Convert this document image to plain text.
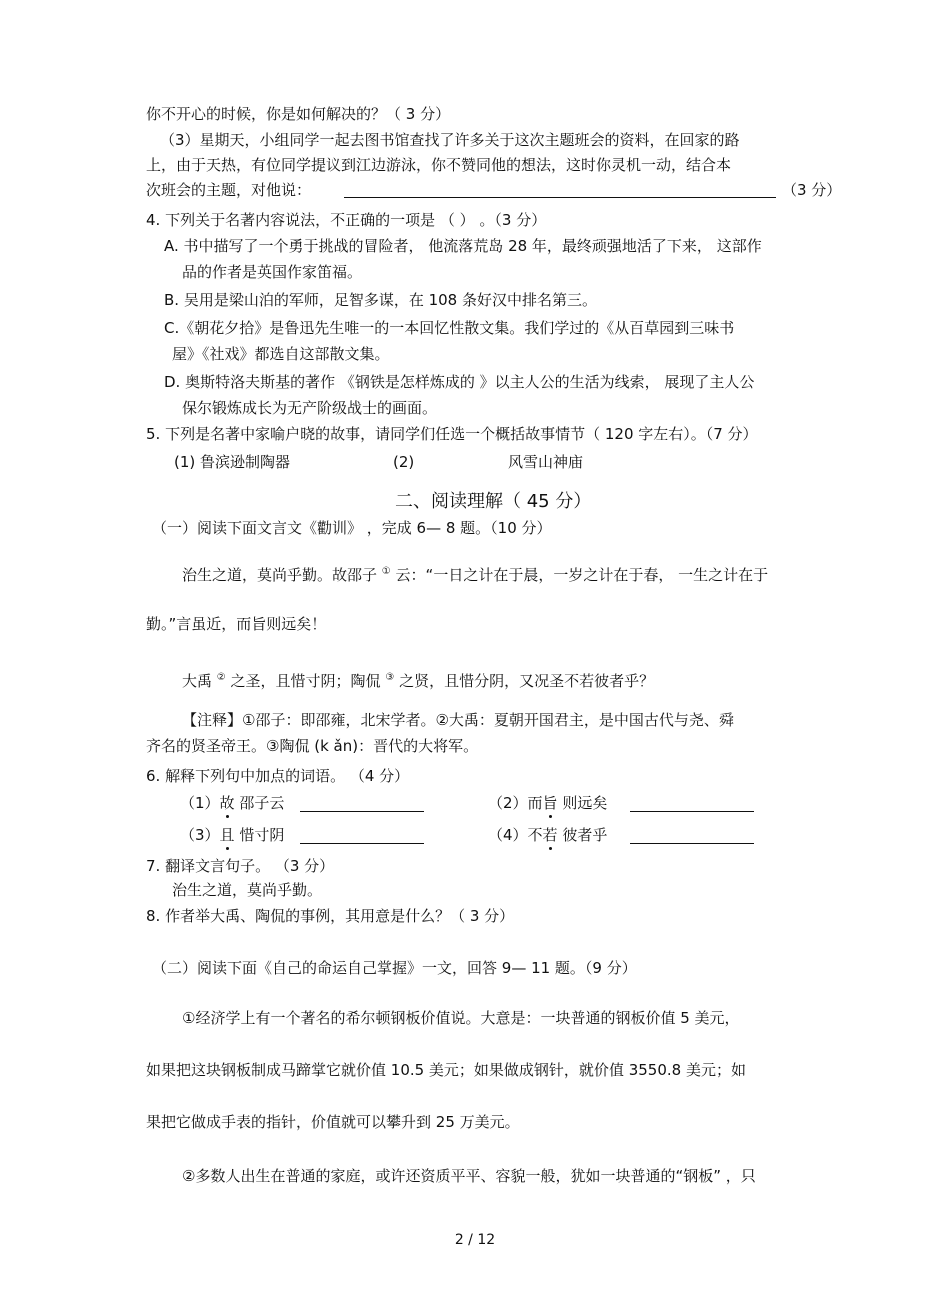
你不开心的时候，你是如何解决的？（ 3 分）
（3）星期天，小组同学一起去图书馆查找了许多关于这次主题班会的资料，在回家的路
上，由于天热，有位同学提议到江边游泳，你不赞同他的想法，这时你灵机一动，结合本
次班会的主题，对他说：	（3 分）
4. 下列关于名著内容说法，不正确的一项是 （ ） 。（3 分）
A. 书中描写了一个勇于挑战的冒险者， 他流落荒岛 28 年，最终顽强地活了下来， 这部作
品的作者是英国作家笛福。
B. 吴用是梁山泊的军师，足智多谋，在 108 条好汉中排名第三。
C.《朝花夕拾》是鲁迅先生唯一的一本回忆性散文集。我们学过的《从百草园到三味书
屋》《社戏》都选自这部散文集。
D. 奥斯特洛夫斯基的著作 《钢铁是怎样炼成的 》以主人公的生活为线索， 展现了主人公
保尔锻炼成长为无产阶级战士的画面。
5. 下列是名著中家喻户晓的故事，请同学们任选一个概括故事情节（ 120 字左右）。（7 分）
(1) 鲁滨逊制陶器	(2)	风雪山神庙
二、阅读理解（ 45 分）
（一）阅读下面文言文《勸训》 ，完成 6— 8 题。（10 分）
治生之道，莫尚乎勤。故邵子 ① 云：“一日之计在于晨，一岁之计在于春， 一生之计在于
勤。”言虽近，而旨则远矣！
大禹 ② 之圣，且惜寸阴；陶侃 ③ 之贤，且惜分阴，又况圣不若彼者乎？
【注释】①邵子：即邵雍，北宋学者。②大禹：夏朝开国君主，是中国古代与尧、舜
齐名的贤圣帝王。③陶侃 (k ǎn)：晋代的大将军。
6. 解释下列句中加点的词语。 （4 分）
（1）故 邵子云	（2）而旨 则远矣
（3）且 惜寸阴	（4）不若 彼者乎
7. 翻译文言句子。 （3 分）
治生之道，莫尚乎勤。
8. 作者举大禹、陶侃的事例，其用意是什么？（ 3 分）
（二）阅读下面《自己的命运自己掌握》一文，回答 9— 11 题。（9 分）
①经济学上有一个著名的希尔顿钢板价值说。大意是：一块普通的钢板价值 5 美元，
如果把这块钢板制成马蹄掌它就价值 10.5 美元；如果做成钢针，就价值 3550.8 美元；如
果把它做成手表的指针，价值就可以攀升到 25 万美元。
②多数人出生在普通的家庭，或许还资质平平、容貌一般，犹如一块普通的“钢板” ，只
2 / 12
